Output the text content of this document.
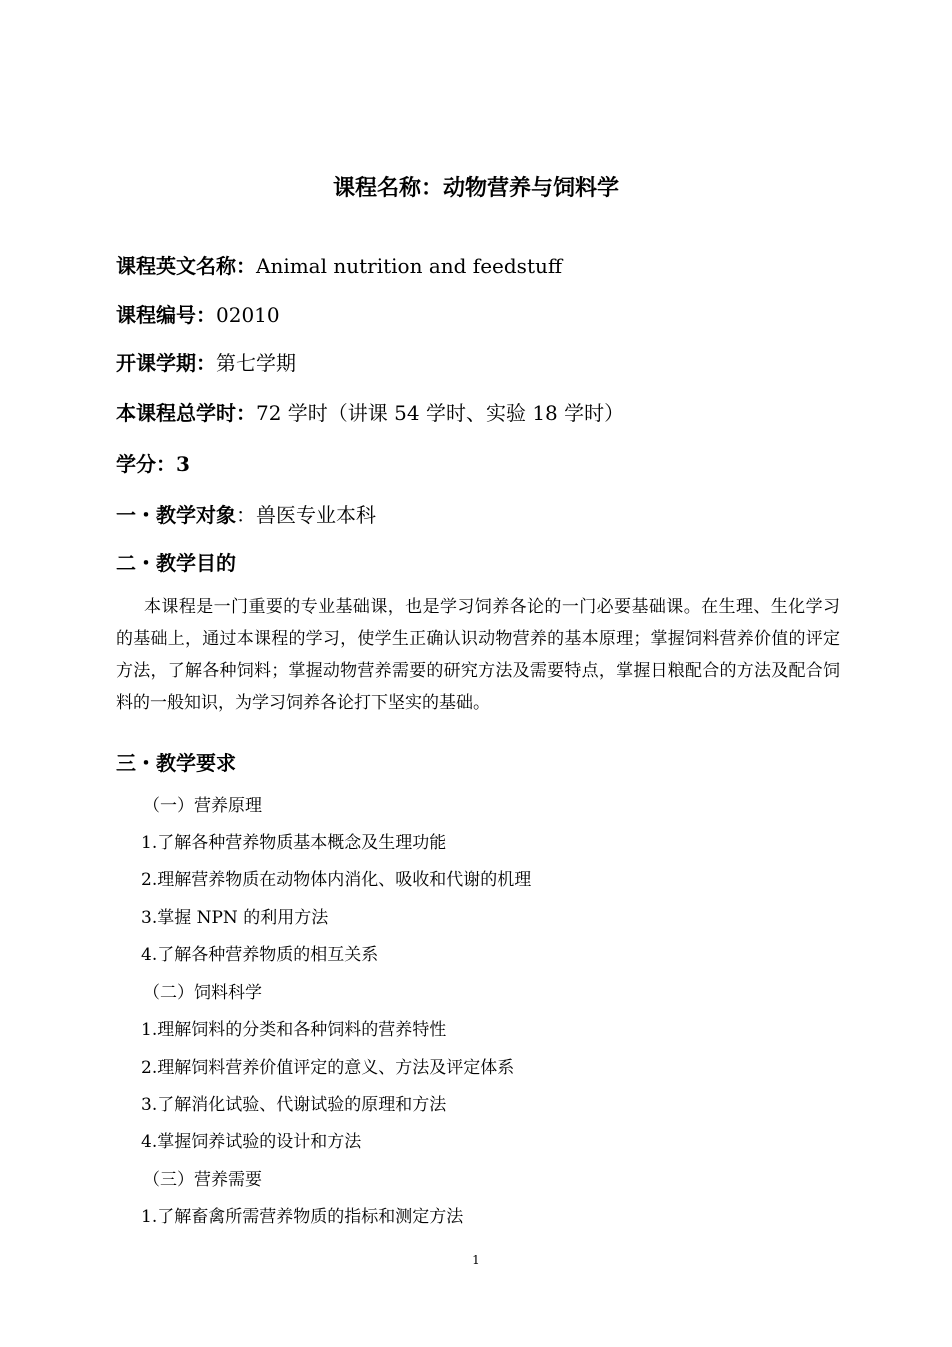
课程名称：动物营养与饲料学
课程英文名称：Animal nutrition and feedstuff
课程编号：02010
开课学期：第七学期
本课程总学时：72 学时（讲课 54 学时、实验 18 学时）
学分：3
一・教学对象：兽医专业本科
二・教学目的

本课程是一门重要的专业基础课，也是学习饲养各论的一门必要基础课。在生理、生化学习的基础上，通过本课程的学习，使学生正确认识动物营养的基本原理；掌握饲料营养价值的评定方法，了解各种饲料；掌握动物营养需要的研究方法及需要特点，掌握日粮配合的方法及配合饲料的一般知识，为学习饲养各论打下坚实的基础。

三・教学要求
（一）营养原理
1.了解各种营养物质基本概念及生理功能
2.理解营养物质在动物体内消化、吸收和代谢的机理
3.掌握 NPN 的利用方法
4.了解各种营养物质的相互关系
（二）饲料科学
1.理解饲料的分类和各种饲料的营养特性
2.理解饲料营养价值评定的意义、方法及评定体系
3.了解消化试验、代谢试验的原理和方法
4.掌握饲养试验的设计和方法
（三）营养需要
1.了解畜禽所需营养物质的指标和测定方法
1
